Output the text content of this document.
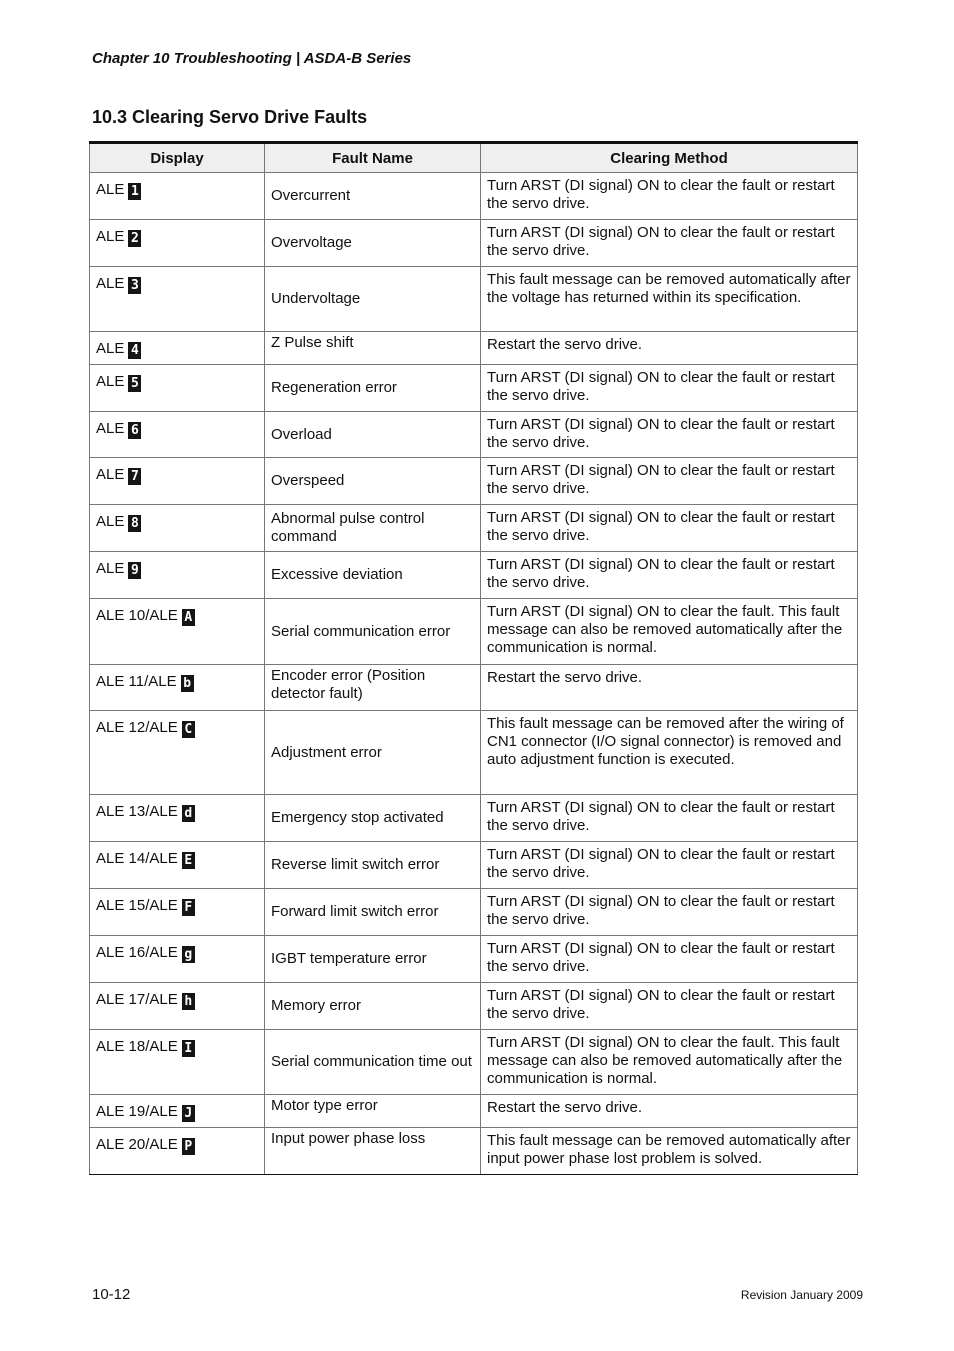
Chapter 10 Troubleshooting | ASDA-B Series
10.3 Clearing Servo Drive Faults
Display	Fault Name	Clearing Method
ALE 1	Overcurrent	Turn ARST (DI signal) ON to clear the fault or restart the servo drive.
ALE 2	Overvoltage	Turn ARST (DI signal) ON to clear the fault or restart the servo drive.
ALE 3	Undervoltage	This fault message can be removed automatically after the voltage has returned within its specification.
ALE 4	Z Pulse shift	Restart the servo drive.
ALE 5	Regeneration error	Turn ARST (DI signal) ON to clear the fault or restart the servo drive.
ALE 6	Overload	Turn ARST (DI signal) ON to clear the fault or restart the servo drive.
ALE 7	Overspeed	Turn ARST (DI signal) ON to clear the fault or restart the servo drive.
ALE 8	Abnormal pulse control command	Turn ARST (DI signal) ON to clear the fault or restart the servo drive.
ALE 9	Excessive deviation	Turn ARST (DI signal) ON to clear the fault or restart the servo drive.
ALE 10/ALE A	Serial communication error	Turn ARST (DI signal) ON to clear the fault. This fault message can also be removed automatically after the communication is normal.
ALE 11/ALE b	Encoder error (Position detector fault)	Restart the servo drive.
ALE 12/ALE C	Adjustment error	This fault message can be removed after the wiring of CN1 connector (I/O signal connector) is removed and auto adjustment function is executed.
ALE 13/ALE d	Emergency stop activated	Turn ARST (DI signal) ON to clear the fault or restart the servo drive.
ALE 14/ALE E	Reverse limit switch error	Turn ARST (DI signal) ON to clear the fault or restart the servo drive.
ALE 15/ALE F	Forward limit switch error	Turn ARST (DI signal) ON to clear the fault or restart the servo drive.
ALE 16/ALE g	IGBT temperature error	Turn ARST (DI signal) ON to clear the fault or restart the servo drive.
ALE 17/ALE h	Memory error	Turn ARST (DI signal) ON to clear the fault or restart the servo drive.
ALE 18/ALE I	Serial communication time out	Turn ARST (DI signal) ON to clear the fault. This fault message can also be removed automatically after the communication is normal.
ALE 19/ALE J	Motor type error	Restart the servo drive.
ALE 20/ALE P	Input power phase loss	This fault message can be removed automatically after input power phase lost problem is solved.
10-12	Revision January 2009
